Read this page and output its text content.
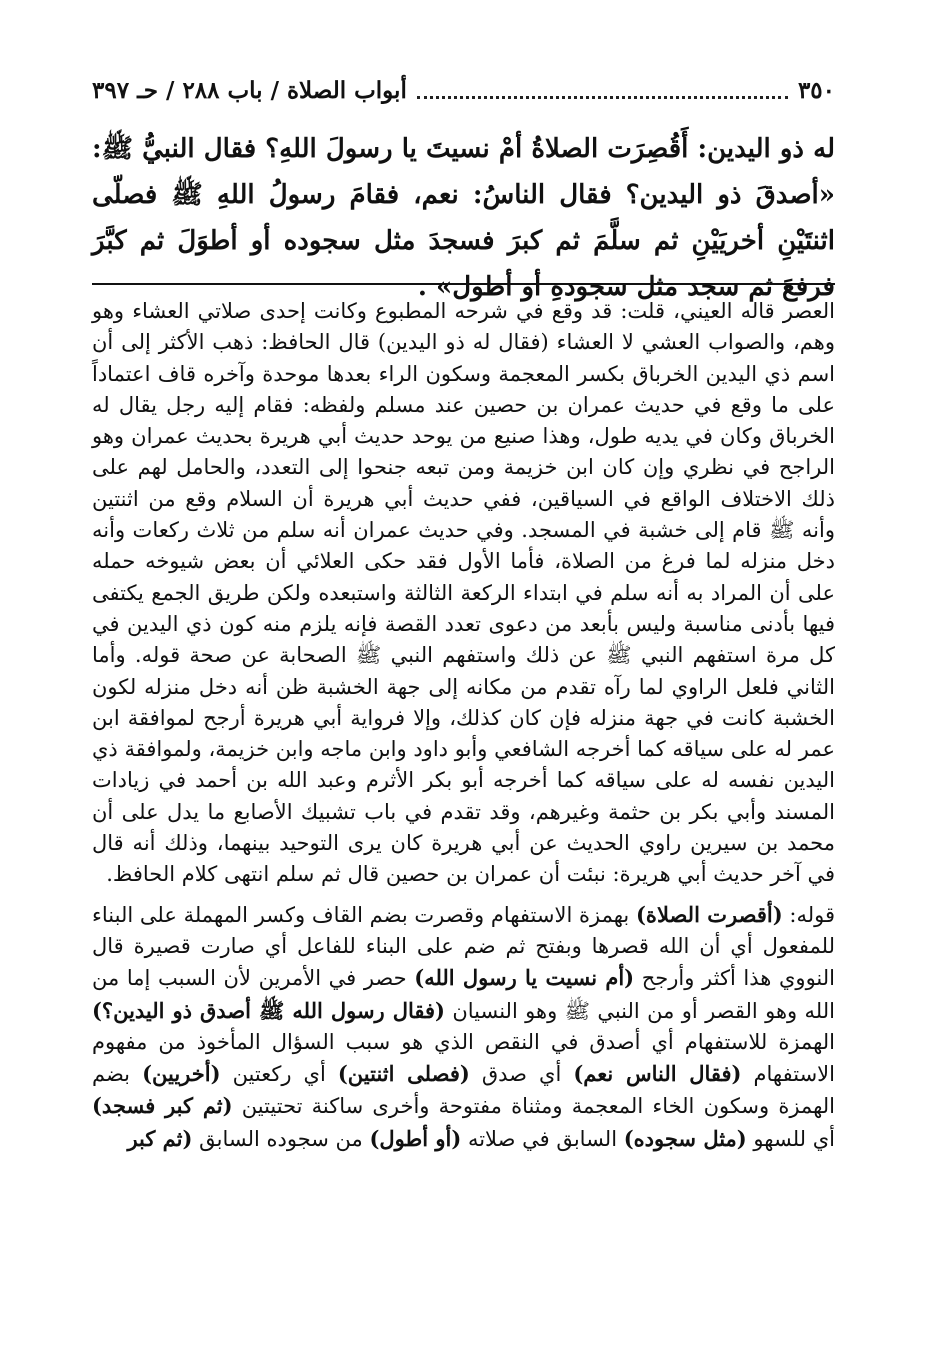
٣٥٠
أبواب الصلاة / باب ٢٨٨ / حـ ٣٩٧
له ذو اليدين: أَقُصِرَت الصلاةُ أمْ نسيتَ يا رسولَ اللهِ؟ فقال النبيُّ ﷺ: «أصدقَ ذو اليدين؟ فقال الناسُ: نعم، فقامَ رسولُ اللهِ ﷺ فصلّى اثنتَيْنِ أخريَيْنِ ثم سلَّمَ ثم كبرَ فسجدَ مثل سجوده أو أطوَلَ ثم كبَّرَ فرفعَ ثم سجد مثل سجودهِ أو أطول» .

العصر قاله العيني، قلت: قد وقع في شرحه المطبوع وكانت إحدى صلاتي العشاء وهو وهم، والصواب العشي لا العشاء (فقال له ذو اليدين) قال الحافظ: ذهب الأكثر إلى أن اسم ذي اليدين الخرباق بكسر المعجمة وسكون الراء بعدها موحدة وآخره قاف اعتماداً على ما وقع في حديث عمران بن حصين عند مسلم ولفظه: فقام إليه رجل يقال له الخرباق وكان في يديه طول، وهذا صنيع من يوحد حديث أبي هريرة بحديث عمران وهو الراجح في نظري وإن كان ابن خزيمة ومن تبعه جنحوا إلى التعدد، والحامل لهم على ذلك الاختلاف الواقع في السياقين، ففي حديث أبي هريرة أن السلام وقع من اثنتين وأنه ﷺ قام إلى خشبة في المسجد. وفي حديث عمران أنه سلم من ثلاث ركعات وأنه دخل منزله لما فرغ من الصلاة، فأما الأول فقد حكى العلائي أن بعض شيوخه حمله على أن المراد به أنه سلم في ابتداء الركعة الثالثة واستبعده ولكن طريق الجمع يكتفى فيها بأدنى مناسبة وليس بأبعد من دعوى تعدد القصة فإنه يلزم منه كون ذي اليدين في كل مرة استفهم النبي ﷺ عن ذلك واستفهم النبي ﷺ الصحابة عن صحة قوله. وأما الثاني فلعل الراوي لما رآه تقدم من مكانه إلى جهة الخشبة ظن أنه دخل منزله لكون الخشبة كانت في جهة منزله فإن كان كذلك، وإلا فرواية أبي هريرة أرجح لموافقة ابن عمر له على سياقه كما أخرجه الشافعي وأبو داود وابن ماجه وابن خزيمة، ولموافقة ذي اليدين نفسه له على سياقه كما أخرجه أبو بكر الأثرم وعبد الله بن أحمد في زيادات المسند وأبي بكر بن حثمة وغيرهم، وقد تقدم في باب تشبيك الأصابع ما يدل على أن محمد بن سيرين راوي الحديث عن أبي هريرة كان يرى التوحيد بينهما، وذلك أنه قال في آخر حديث أبي هريرة: نبئت أن عمران بن حصين قال ثم سلم انتهى كلام الحافظ.

قوله: (أقصرت الصلاة) بهمزة الاستفهام وقصرت بضم القاف وكسر المهملة على البناء للمفعول أي أن الله قصرها وبفتح ثم ضم على البناء للفاعل أي صارت قصيرة قال النووي هذا أكثر وأرجح (أم نسيت يا رسول الله) حصر في الأمرين لأن السبب إما من الله وهو القصر أو من النبي ﷺ وهو النسيان (فقال رسول الله ﷺ أصدق ذو اليدين؟) الهمزة للاستفهام أي أصدق في النقص الذي هو سبب السؤال المأخوذ من مفهوم الاستفهام (فقال الناس نعم) أي صدق (فصلى اثنتين) أي ركعتين (أخريين) بضم الهمزة وسكون الخاء المعجمة ومثناة مفتوحة وأخرى ساكنة تحتيتين (ثم كبر فسجد) أي للسهو (مثل سجوده) السابق في صلاته (أو أطول) من سجوده السابق (ثم كبر
